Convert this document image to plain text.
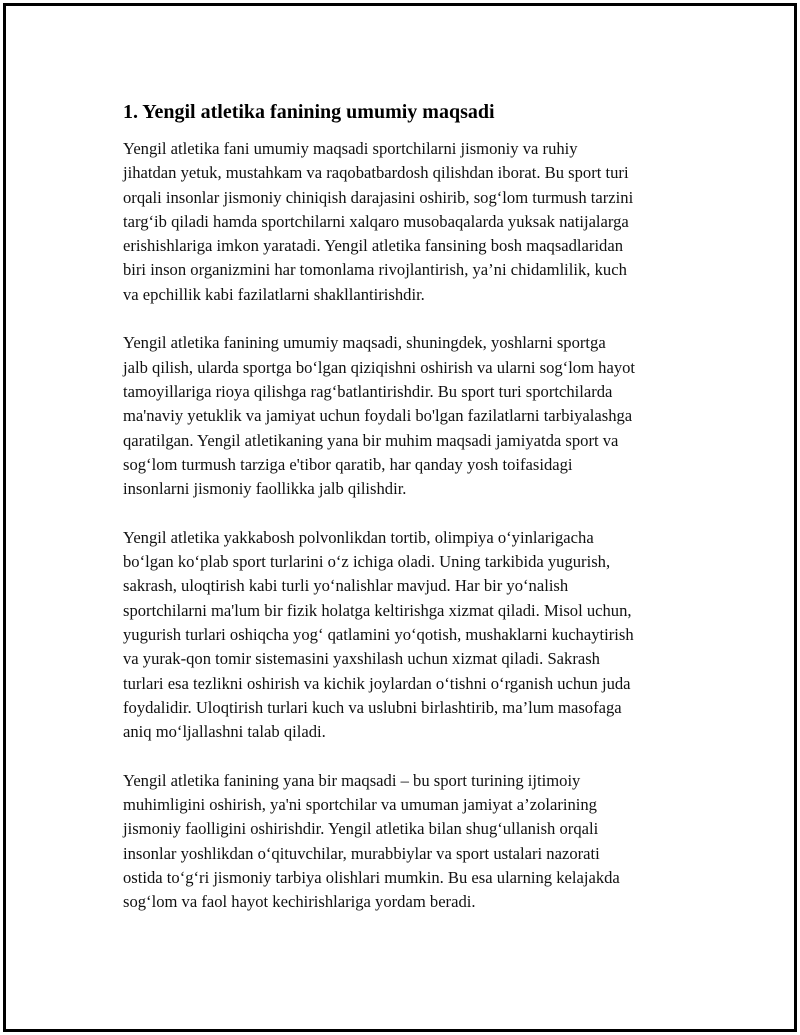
1. Yengil atletika fanining umumiy maqsadi

Yengil atletika fani umumiy maqsadi sportchilarni jismoniy va ruhiy
jihatdan yetuk, mustahkam va raqobatbardosh qilishdan iborat. Bu sport turi
orqali insonlar jismoniy chiniqish darajasini oshirib, sog‘lom turmush tarzini
targ‘ib qiladi hamda sportchilarni xalqaro musobaqalarda yuksak natijalarga
erishishlariga imkon yaratadi. Yengil atletika fansining bosh maqsadlaridan
biri inson organizmini har tomonlama rivojlantirish, ya’ni chidamlilik, kuch
va epchillik kabi fazilatlarni shakllantirishdir.

Yengil atletika fanining umumiy maqsadi, shuningdek, yoshlarni sportga
jalb qilish, ularda sportga bo‘lgan qiziqishni oshirish va ularni sog‘lom hayot
tamoyillariga rioya qilishga rag‘batlantirishdir. Bu sport turi sportchilarda
ma'naviy yetuklik va jamiyat uchun foydali bo'lgan fazilatlarni tarbiyalashga
qaratilgan. Yengil atletikaning yana bir muhim maqsadi jamiyatda sport va
sog‘lom turmush tarziga e'tibor qaratib, har qanday yosh toifasidagi
insonlarni jismoniy faollikka jalb qilishdir.

Yengil atletika yakkabosh polvonlikdan tortib, olimpiya o‘yinlarigacha
bo‘lgan ko‘plab sport turlarini o‘z ichiga oladi. Uning tarkibida yugurish,
sakrash, uloqtirish kabi turli yo‘nalishlar mavjud. Har bir yo‘nalish
sportchilarni ma'lum bir fizik holatga keltirishga xizmat qiladi. Misol uchun,
yugurish turlari oshiqcha yog‘ qatlamini yo‘qotish, mushaklarni kuchaytirish
va yurak-qon tomir sistemasini yaxshilash uchun xizmat qiladi. Sakrash
turlari esa tezlikni oshirish va kichik joylardan o‘tishni o‘rganish uchun juda
foydalidir. Uloqtirish turlari kuch va uslubni birlashtirib, ma’lum masofaga
aniq mo‘ljallashni talab qiladi.

Yengil atletika fanining yana bir maqsadi – bu sport turining ijtimoiy
muhimligini oshirish, ya'ni sportchilar va umuman jamiyat a’zolarining
jismoniy faolligini oshirishdir. Yengil atletika bilan shug‘ullanish orqali
insonlar yoshlikdan o‘qituvchilar, murabbiylar va sport ustalari nazorati
ostida to‘g‘ri jismoniy tarbiya olishlari mumkin. Bu esa ularning kelajakda
sog‘lom va faol hayot kechirishlariga yordam beradi.
